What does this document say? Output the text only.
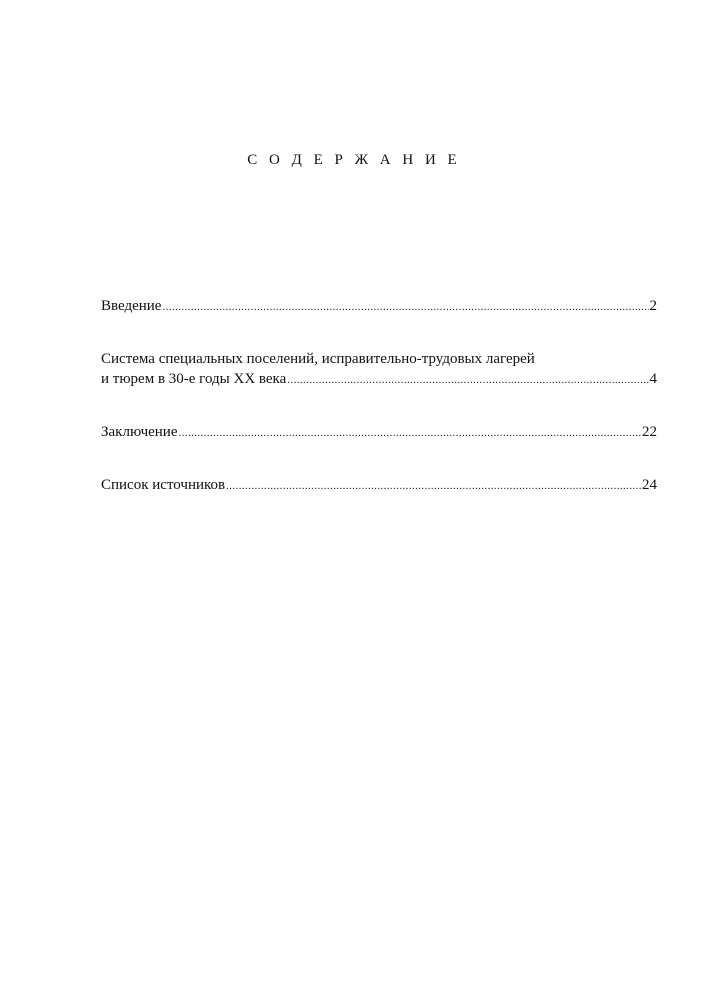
С О Д Е Р Ж А Н И Е
Введение .....	2
Система специальных поселений, исправительно-трудовых лагерей
и тюрем в 30-е годы XX века .....	4
Заключение .....	22
Список источников .....	24
